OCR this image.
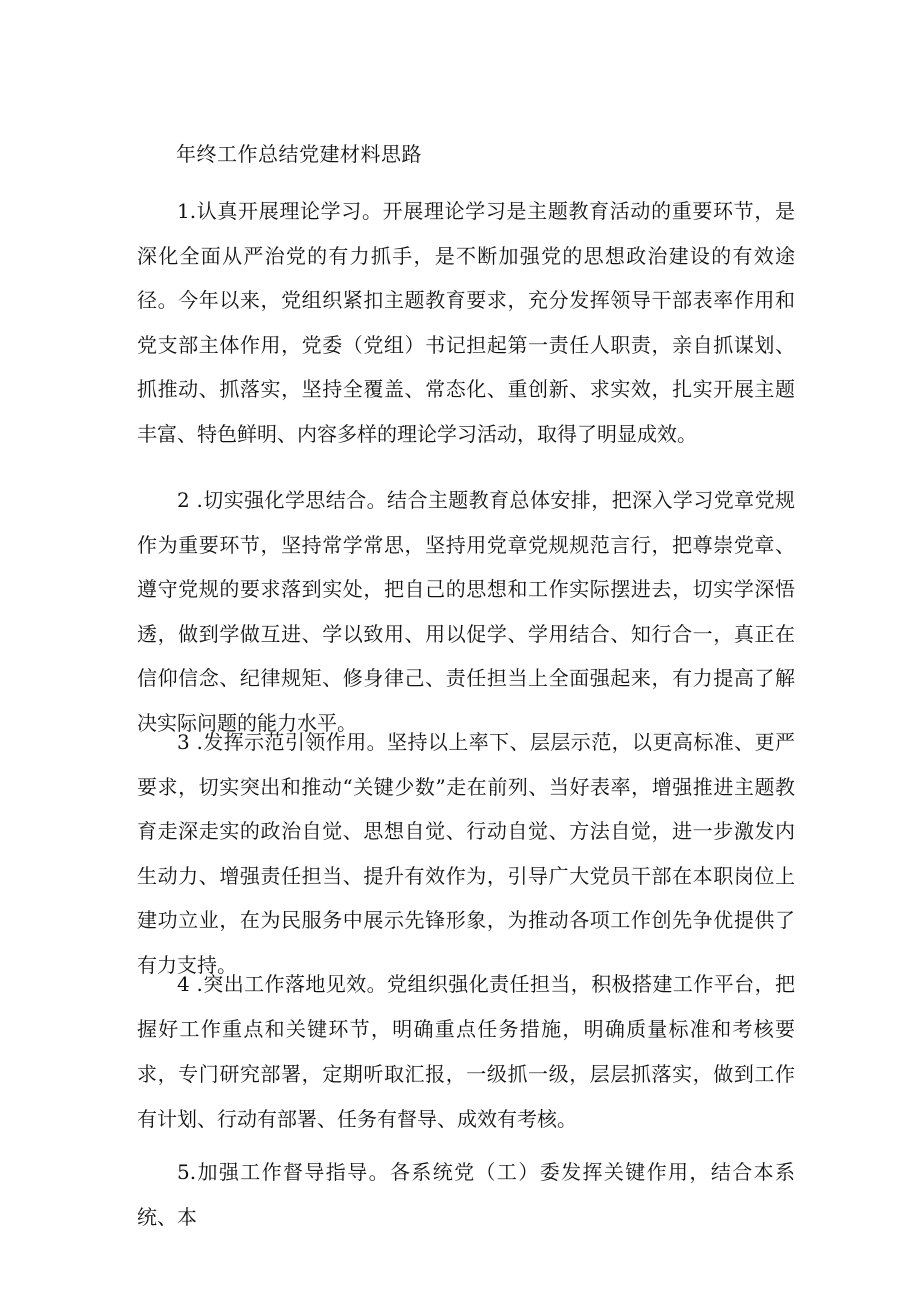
年终工作总结党建材料思路

1.认真开展理论学习。开展理论学习是主题教育活动的重要环节，是深化全面从严治党的有力抓手，是不断加强党的思想政治建设的有效途径。今年以来，党组织紧扣主题教育要求，充分发挥领导干部表率作用和党支部主体作用，党委（党组）书记担起第一责任人职责，亲自抓谋划、抓推动、抓落实，坚持全覆盖、常态化、重创新、求实效，扎实开展主题丰富、特色鲜明、内容多样的理论学习活动，取得了明显成效。

2 .切实强化学思结合。结合主题教育总体安排，把深入学习党章党规作为重要环节，坚持常学常思，坚持用党章党规规范言行，把尊崇党章、遵守党规的要求落到实处，把自己的思想和工作实际摆进去，切实学深悟透，做到学做互进、学以致用、用以促学、学用结合、知行合一，真正在信仰信念、纪律规矩、修身律己、责任担当上全面强起来，有力提高了解决实际问题的能力水平。

3 .发挥示范引领作用。坚持以上率下、层层示范，以更高标准、更严要求，切实突出和推动“关键少数”走在前列、当好表率，增强推进主题教育走深走实的政治自觉、思想自觉、行动自觉、方法自觉，进一步激发内生动力、增强责任担当、提升有效作为，引导广大党员干部在本职岗位上建功立业，在为民服务中展示先锋形象，为推动各项工作创先争优提供了有力支持。

4 .突出工作落地见效。党组织强化责任担当，积极搭建工作平台，把握好工作重点和关键环节，明确重点任务措施，明确质量标准和考核要求，专门研究部署，定期听取汇报，一级抓一级，层层抓落实，做到工作有计划、行动有部署、任务有督导、成效有考核。

5.加强工作督导指导。各系统党（工）委发挥关键作用，结合本系统、本
